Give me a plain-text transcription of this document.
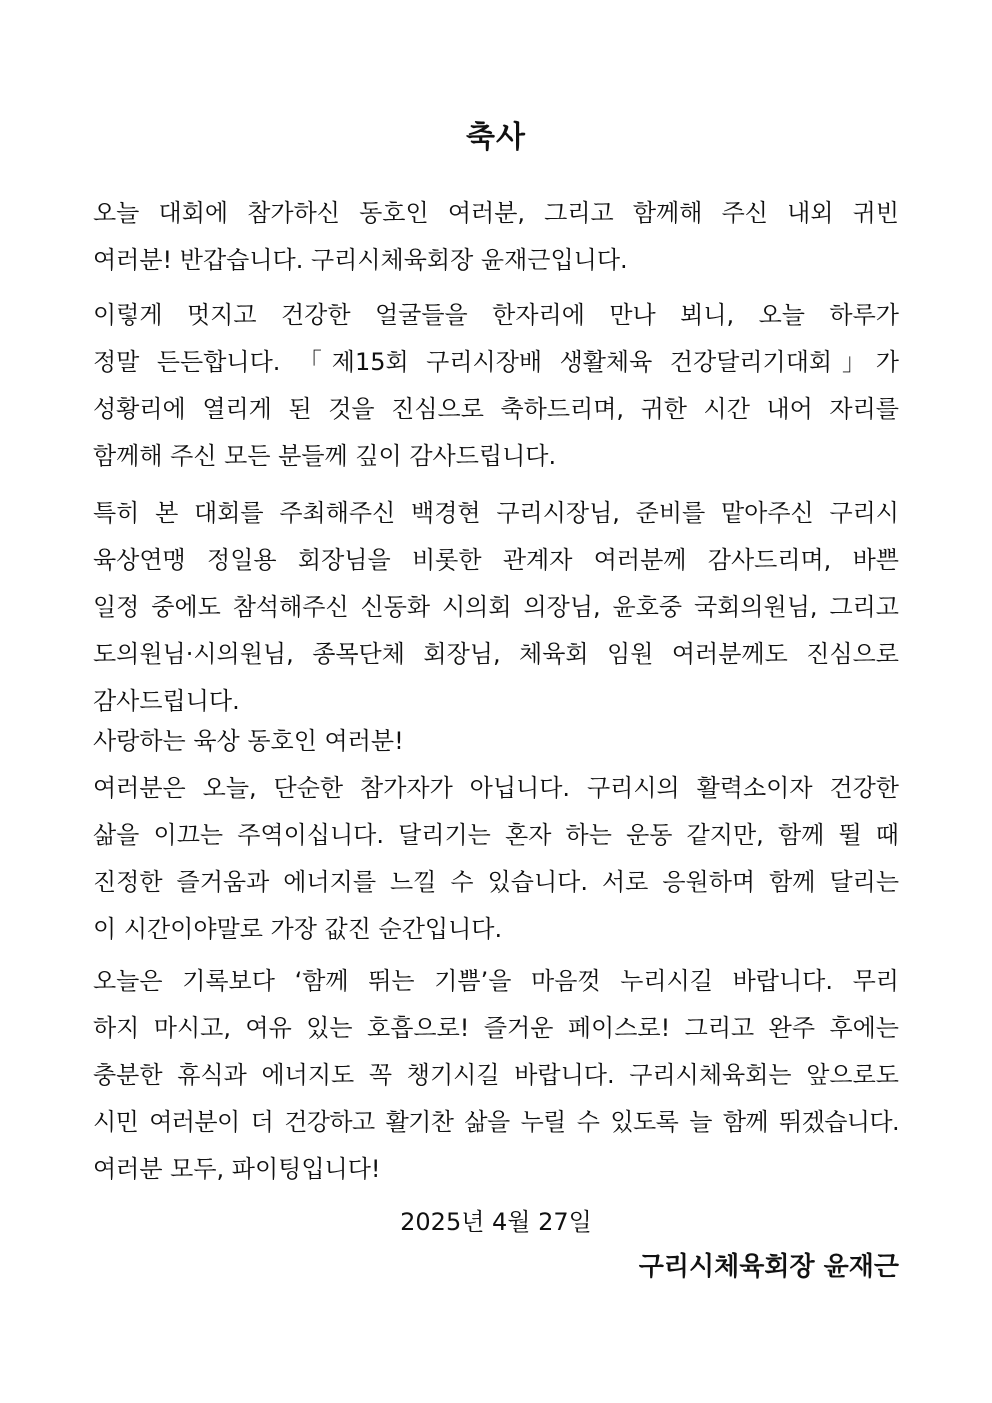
축사
오늘 대회에 참가하신 동호인 여러분, 그리고 함께해 주신 내외 귀빈
여러분! 반갑습니다. 구리시체육회장 윤재근입니다.
이렇게 멋지고 건강한 얼굴들을 한자리에 만나 뵈니, 오늘 하루가
정말 든든합니다. 「제15회 구리시장배 생활체육 건강달리기대회」가
성황리에 열리게 된 것을 진심으로 축하드리며, 귀한 시간 내어 자리를
함께해 주신 모든 분들께 깊이 감사드립니다.
특히 본 대회를 주최해주신 백경현 구리시장님, 준비를 맡아주신 구리시
육상연맹 정일용 회장님을 비롯한 관계자 여러분께 감사드리며, 바쁜
일정 중에도 참석해주신 신동화 시의회 의장님, 윤호중 국회의원님, 그리고
도의원님·시의원님, 종목단체 회장님, 체육회 임원 여러분께도 진심으로
감사드립니다.
사랑하는 육상 동호인 여러분!
여러분은 오늘, 단순한 참가자가 아닙니다. 구리시의 활력소이자 건강한
삶을 이끄는 주역이십니다. 달리기는 혼자 하는 운동 같지만, 함께 뛸 때
진정한 즐거움과 에너지를 느낄 수 있습니다. 서로 응원하며 함께 달리는
이 시간이야말로 가장 값진 순간입니다.
오늘은 기록보다 ‘함께 뛰는 기쁨’을 마음껏 누리시길 바랍니다. 무리
하지 마시고, 여유 있는 호흡으로! 즐거운 페이스로! 그리고 완주 후에는
충분한 휴식과 에너지도 꼭 챙기시길 바랍니다. 구리시체육회는 앞으로도
시민 여러분이 더 건강하고 활기찬 삶을 누릴 수 있도록 늘 함께 뛰겠습니다.
여러분 모두, 파이팅입니다!
2025년 4월 27일
구리시체육회장 윤재근
